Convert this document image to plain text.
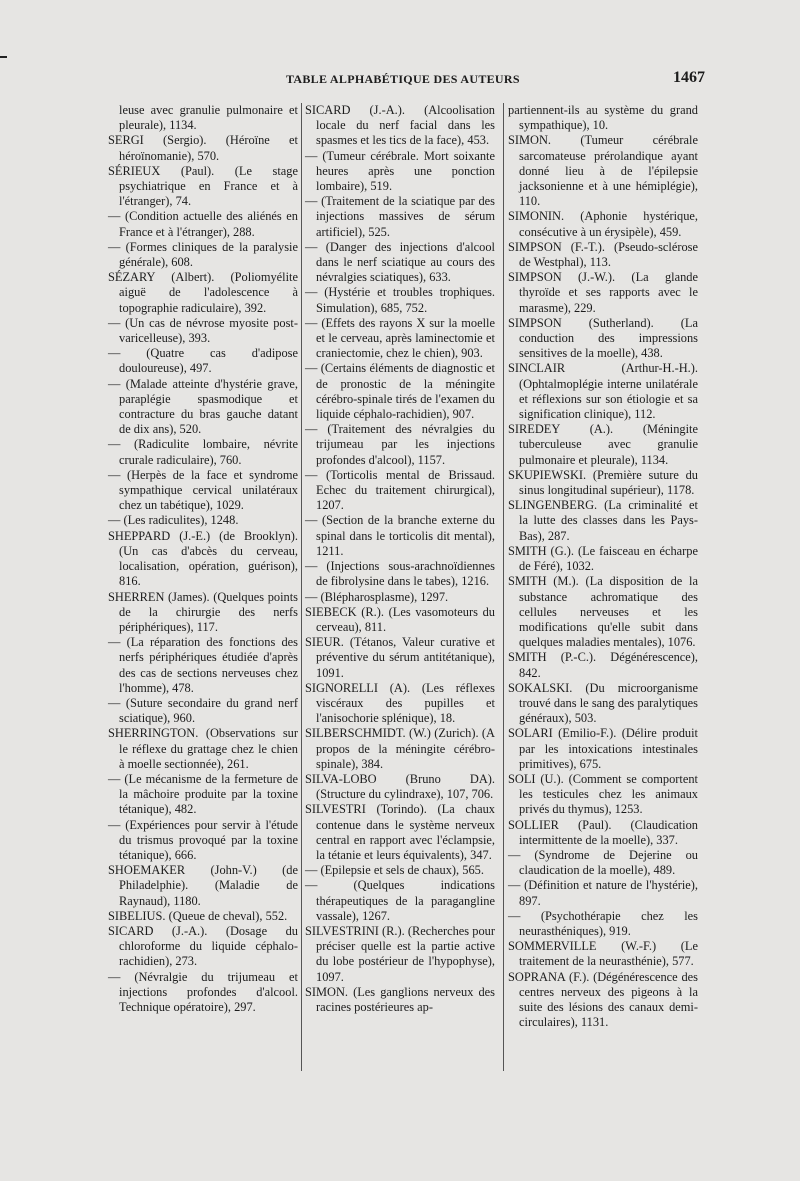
TABLE ALPHABÉTIQUE DES AUTEURS	1467

leuse avec granulie pulmonaire et pleurale), 1134.

SERGI (Sergio). (Héroïne et héroïnomanie), 570.

SÉRIEUX (Paul). (Le stage psychiatrique en France et à l'étranger), 74.

— (Condition actuelle des aliénés en France et à l'étranger), 288.

— (Formes cliniques de la paralysie générale), 608.

SÉZARY (Albert). (Poliomyélite aiguë de l'adolescence à topographie radiculaire), 392.

— (Un cas de névrose myosite post-varicelleuse), 393.

— (Quatre cas d'adipose douloureuse), 497.

— (Malade atteinte d'hystérie grave, paraplégie spasmodique et contracture du bras gauche datant de dix ans), 520.

— (Radiculite lombaire, névrite crurale radiculaire), 760.

— (Herpès de la face et syndrome sympathique cervical unilatéraux chez un tabétique), 1029.

— (Les radiculites), 1248.

SHEPPARD (J.-E.) (de Brooklyn). (Un cas d'abcès du cerveau, localisation, opération, guérison), 816.

SHERREN (James). (Quelques points de la chirurgie des nerfs périphériques), 117.

— (La réparation des fonctions des nerfs périphériques étudiée d'après des cas de sections nerveuses chez l'homme), 478.

— (Suture secondaire du grand nerf sciatique), 960.

SHERRINGTON. (Observations sur le réflexe du grattage chez le chien à moelle sectionnée), 261.

— (Le mécanisme de la fermeture de la mâchoire produite par la toxine tétanique), 482.

— (Expériences pour servir à l'étude du trismus provoqué par la toxine tétanique), 666.

SHOEMAKER (John-V.) (de Philadelphie). (Maladie de Raynaud), 1180.

SIBELIUS. (Queue de cheval), 552.

SICARD (J.-A.). (Dosage du chloroforme du liquide céphalo-rachidien), 273.

— (Névralgie du trijumeau et injections profondes d'alcool. Technique opératoire), 297.

SICARD (J.-A.). (Alcoolisation locale du nerf facial dans les spasmes et les tics de la face), 453.

— (Tumeur cérébrale. Mort soixante heures après une ponction lombaire), 519.

— (Traitement de la sciatique par des injections massives de sérum artificiel), 525.

— (Danger des injections d'alcool dans le nerf sciatique au cours des névralgies sciatiques), 633.

— (Hystérie et troubles trophiques. Simulation), 685, 752.

— (Effets des rayons X sur la moelle et le cerveau, après laminectomie et craniectomie, chez le chien), 903.

— (Certains éléments de diagnostic et de pronostic de la méningite cérébro-spinale tirés de l'examen du liquide céphalo-rachidien), 907.

— (Traitement des névralgies du trijumeau par les injections profondes d'alcool), 1157.

— (Torticolis mental de Brissaud. Echec du traitement chirurgical), 1207.

— (Section de la branche externe du spinal dans le torticolis dit mental), 1211.

— (Injections sous-arachnoïdiennes de fibrolysine dans le tabes), 1216.

— (Blépharosplasme), 1297.

SIEBECK (R.). (Les vasomoteurs du cerveau), 811.

SIEUR. (Tétanos, Valeur curative et préventive du sérum antitétanique), 1091.

SIGNORELLI (A). (Les réflexes viscéraux des pupilles et l'anisochorie splénique), 18.

SILBERSCHMIDT. (W.) (Zurich). (A propos de la méningite cérébro-spinale), 384.

SILVA-LOBO (Bruno DA). (Structure du cylindraxe), 107, 706.

SILVESTRI (Torindo). (La chaux contenue dans le système nerveux central en rapport avec l'éclampsie, la tétanie et leurs équivalents), 347.

— (Epilepsie et sels de chaux), 565.

— (Quelques indications thérapeutiques de la paragangline vassale), 1267.

SILVESTRINI (R.). (Recherches pour préciser quelle est la partie active du lobe postérieur de l'hypophyse), 1097.

SIMON. (Les ganglions nerveux des racines postérieures ap-

partiennent-ils au système du grand sympathique), 10.

SIMON. (Tumeur cérébrale sarcomateuse prérolandique ayant donné lieu à de l'épilepsie jacksonienne et à une hémiplégie), 110.

SIMONIN. (Aphonie hystérique, consécutive à un érysipèle), 459.

SIMPSON (F.-T.). (Pseudo-sclérose de Westphal), 113.

SIMPSON (J.-W.). (La glande thyroïde et ses rapports avec le marasme), 229.

SIMPSON (Sutherland). (La conduction des impressions sensitives de la moelle), 438.

SINCLAIR (Arthur-H.-H.). (Ophtalmoplégie interne unilatérale et réflexions sur son étiologie et sa signification clinique), 112.

SIREDEY (A.). (Méningite tuberculeuse avec granulie pulmonaire et pleurale), 1134.

SKUPIEWSKI. (Première suture du sinus longitudinal supérieur), 1178.

SLINGENBERG. (La criminalité et la lutte des classes dans les Pays-Bas), 287.

SMITH (G.). (Le faisceau en écharpe de Féré), 1032.

SMITH (M.). (La disposition de la substance achromatique des cellules nerveuses et les modifications qu'elle subit dans quelques maladies mentales), 1076.

SMITH (P.-C.). Dégénérescence), 842.

SOKALSKI. (Du microorganisme trouvé dans le sang des paralytiques généraux), 503.

SOLARI (Emilio-F.). (Délire produit par les intoxications intestinales primitives), 675.

SOLI (U.). (Comment se comportent les testicules chez les animaux privés du thymus), 1253.

SOLLIER (Paul). (Claudication intermittente de la moelle), 337.

— (Syndrome de Dejerine ou claudication de la moelle), 489.

— (Définition et nature de l'hystérie), 897.

— (Psychothérapie chez les neurasthéniques), 919.

SOMMERVILLE (W.-F.) (Le traitement de la neurasthénie), 577.

SOPRANA (F.). (Dégénérescence des centres nerveux des pigeons à la suite des lésions des canaux demi-circulaires), 1131.
